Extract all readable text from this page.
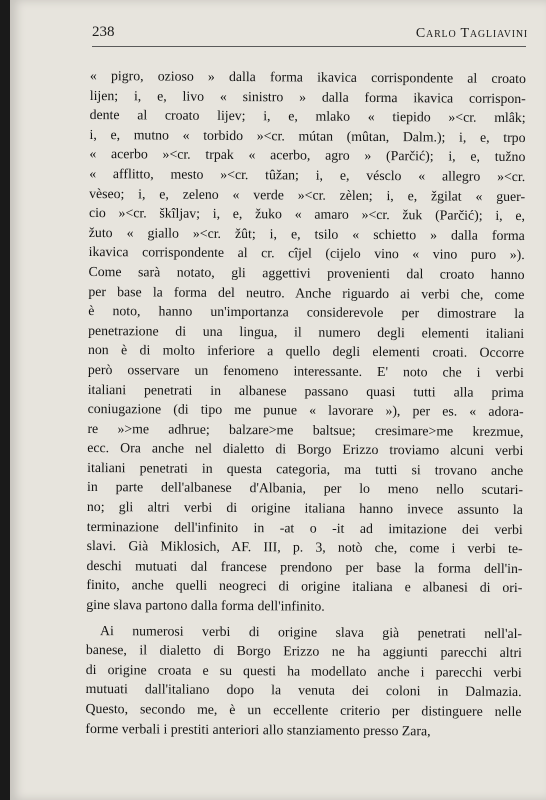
238	Carlo Tagliavini
« pigro, ozioso » dalla forma ikavica corrispondente al croato
lijen; i, e, livo « sinistro » dalla forma ikavica corrispon-
dente al croato lijev; i, e, mlako « tiepido »<cr. mlâk;
i, e, mutno « torbido »<cr. mútan (mûtan, Dalm.); i, e, trpo
« acerbo »<cr. trpak « acerbo, agro » (Parčić); i, e, tužno
« afflitto, mesto »<cr. tûžan; i, e, vésclo « allegro »<cr.
vèseo; i, e, zeleno « verde »<cr. zèlen; i, e, žgilat « guer-
cio »<cr. škîljav; i, e, žuko « amaro »<cr. žuk (Parčić); i, e,
žuto « giallo »<cr. žût; i, e, tsilo « schietto » dalla forma
ikavica corrispondente al cr. cîjel (cijelo vino « vino puro »).
Come sarà notato, gli aggettivi provenienti dal croato hanno
per base la forma del neutro. Anche riguardo ai verbi che, come
è noto, hanno un'importanza considerevole per dimostrare la
penetrazione di una lingua, il numero degli elementi italiani
non è di molto inferiore a quello degli elementi croati. Occorre
però osservare un fenomeno interessante. E' noto che i verbi
italiani penetrati in albanese passano quasi tutti alla prima
coniugazione (di tipo me punue « lavorare »), per es. « adora-
re »>me adhrue; balzare>me baltsue; cresimare>me krezmue,
ecc. Ora anche nel dialetto di Borgo Erizzo troviamo alcuni verbi
italiani penetrati in questa categoria, ma tutti si trovano anche
in parte dell'albanese d'Albania, per lo meno nello scutari-
no; gli altri verbi di origine italiana hanno invece assunto la
terminazione dell'infinito in -at o -it ad imitazione dei verbi
slavi. Già Miklosich, AF. III, p. 3, notò che, come i verbi te-
deschi mutuati dal francese prendono per base la forma dell'in-
finito, anche quelli neogreci di origine italiana e albanesi di ori-
gine slava partono dalla forma dell'infinito.
Ai numerosi verbi di origine slava già penetrati nell'al-
banese, il dialetto di Borgo Erizzo ne ha aggiunti parecchi altri
di origine croata e su questi ha modellato anche i parecchi verbi
mutuati dall'italiano dopo la venuta dei coloni in Dalmazia.
Questo, secondo me, è un eccellente criterio per distinguere nelle
forme verbali i prestiti anteriori allo stanziamento presso Zara,
